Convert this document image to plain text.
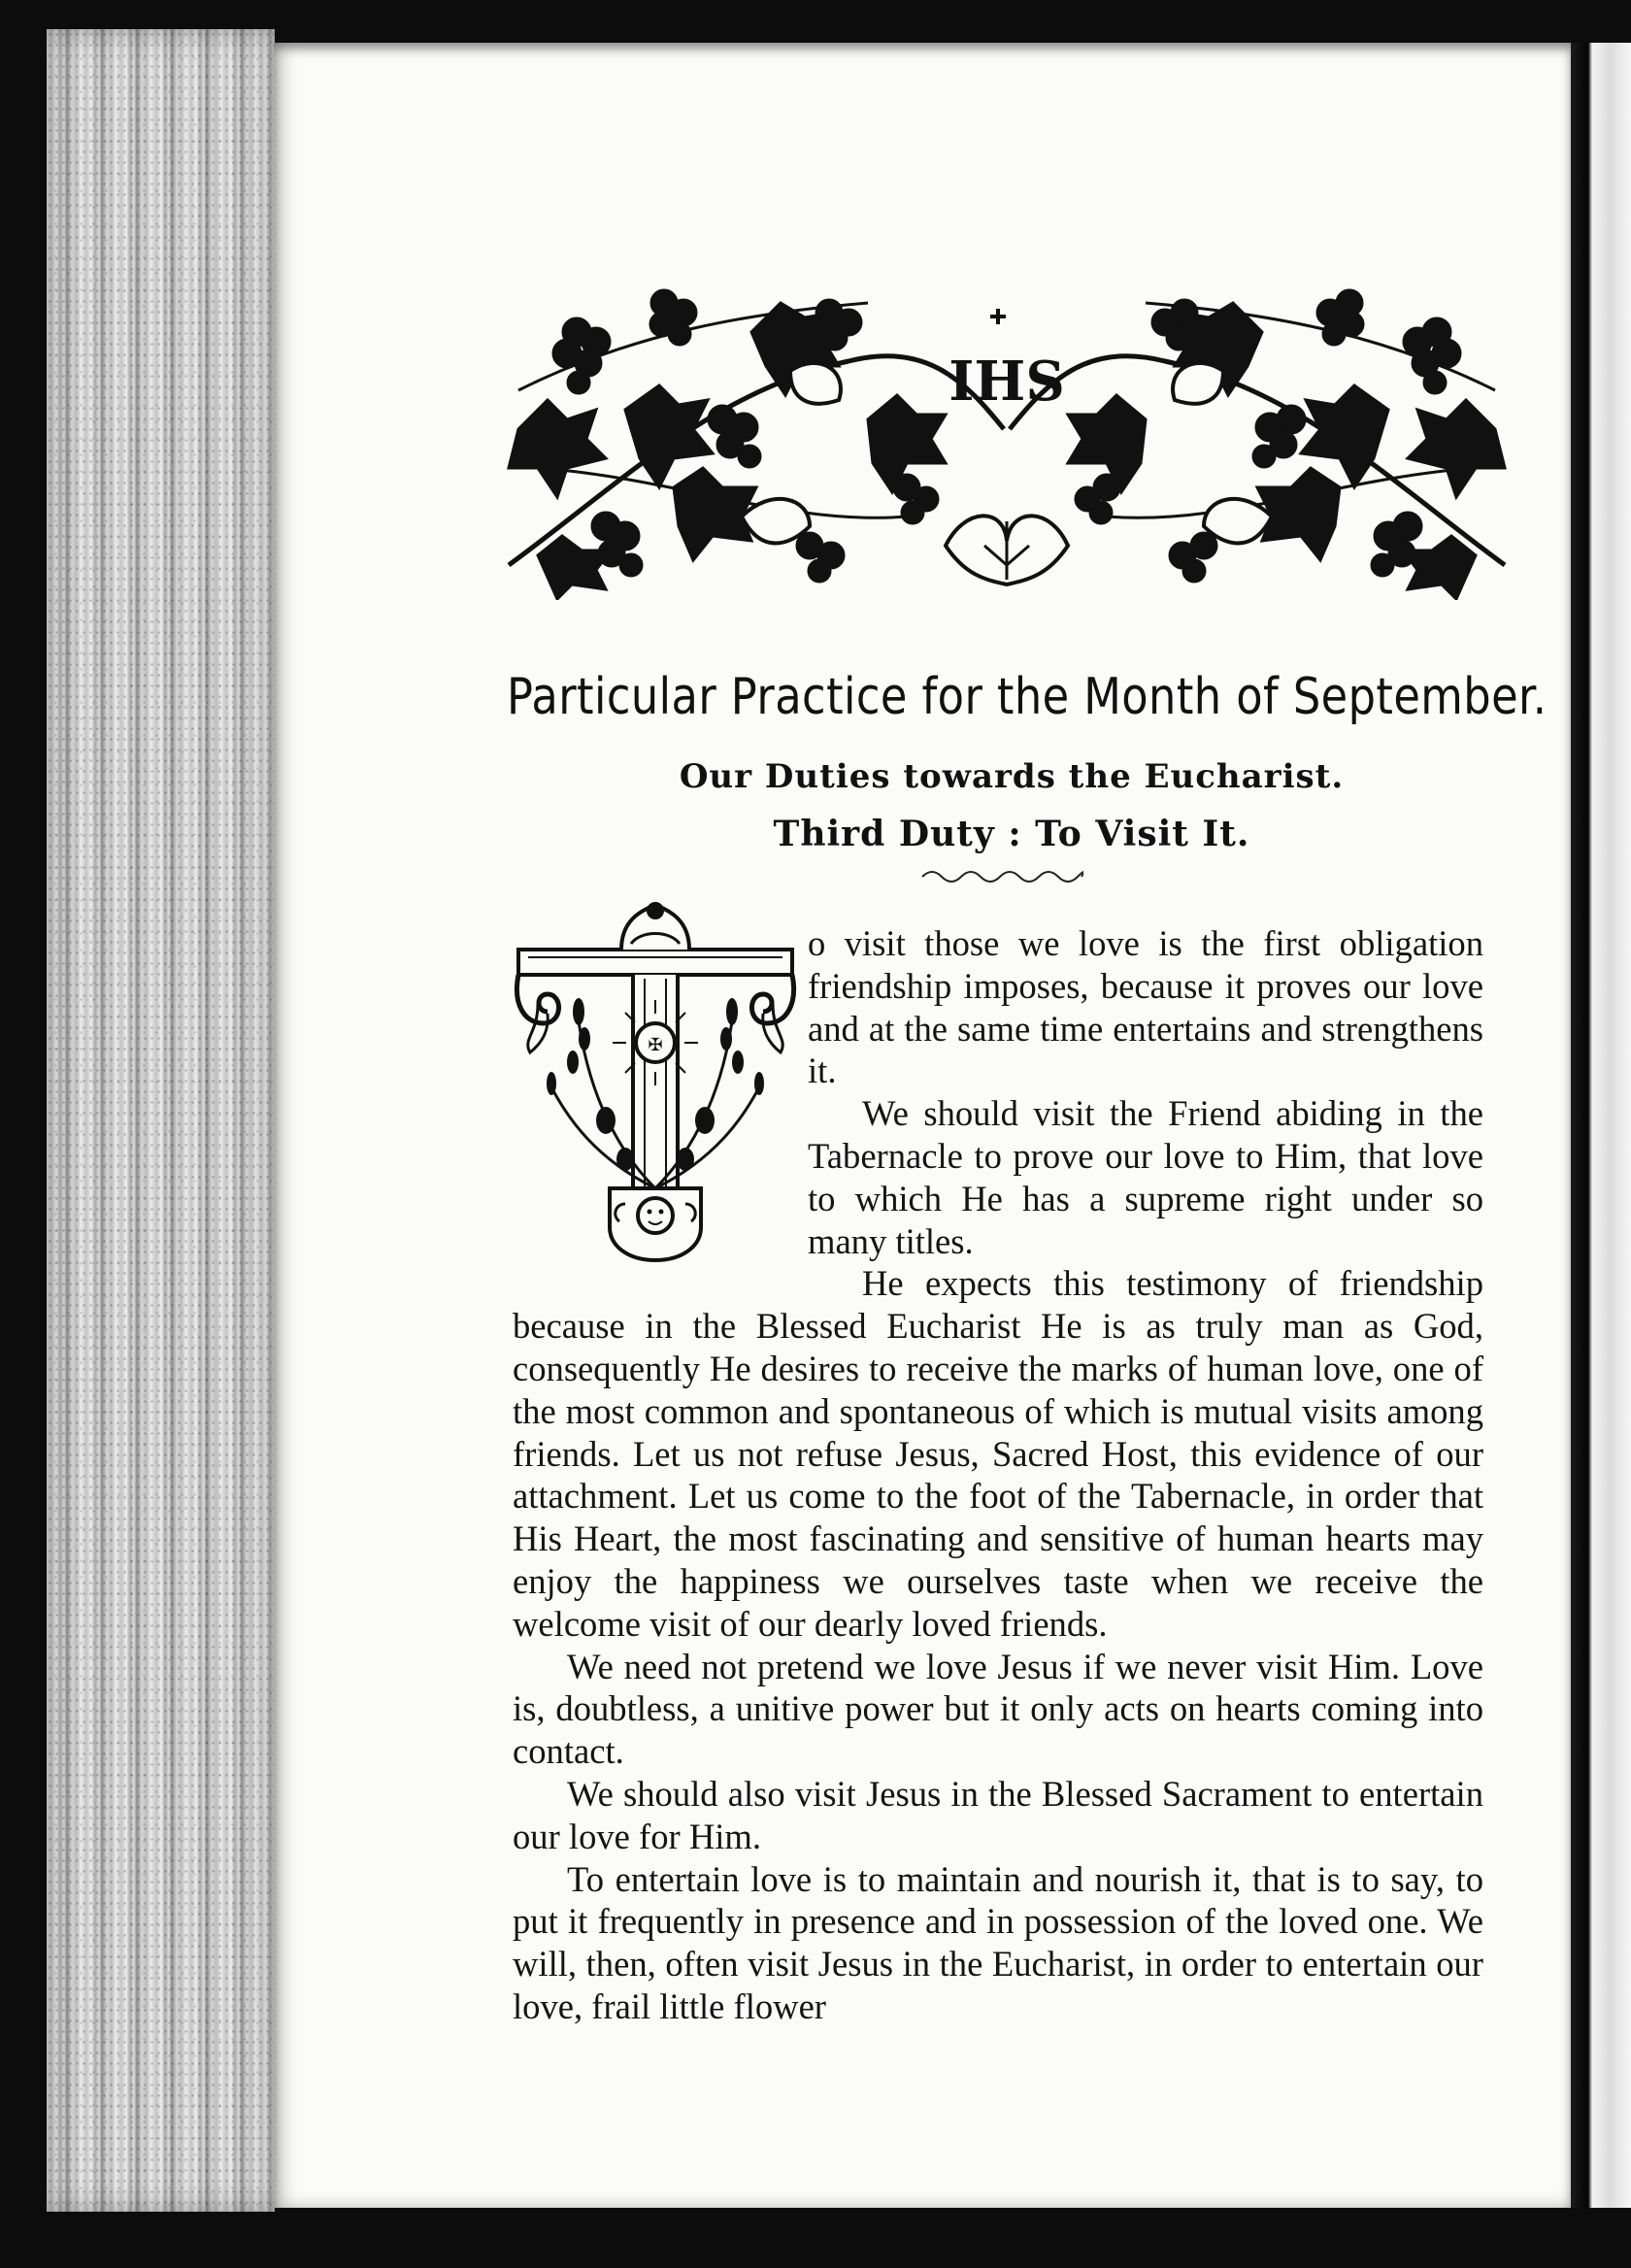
IHS
Particular Practice for the Month of September.
Our Duties towards the Eucharist.
Third Duty : To Visit It.
✠

o visit those we love is the first obligation friendship imposes, because it proves our love and at the same time entertains and strengthens it.

We should visit the Friend abiding in the Tabernacle to prove our love to Him, that love to which He has a supreme right under so many titles.

He expects this testimony of friendship because in the Blessed Eucharist He is as truly man as God, consequently He desires to receive the marks of human love, one of the most common and spontaneous of which is mutual visits among friends. Let us not refuse Jesus, Sacred Host, this evidence of our attachment. Let us come to the foot of the Tabernacle, in order that His Heart, the most fascinating and sensitive of human hearts may enjoy the happiness we ourselves taste when we receive the welcome visit of our dearly loved friends.

We need not pretend we love Jesus if we never visit Him. Love is, doubtless, a unitive power but it only acts on hearts coming into contact.

We should also visit Jesus in the Blessed Sacrament to entertain our love for Him.

To entertain love is to maintain and nourish it, that is to say, to put it frequently in presence and in possession of the loved one. We will, then, often visit Jesus in the Eucharist, in order to entertain our love, frail little flower
